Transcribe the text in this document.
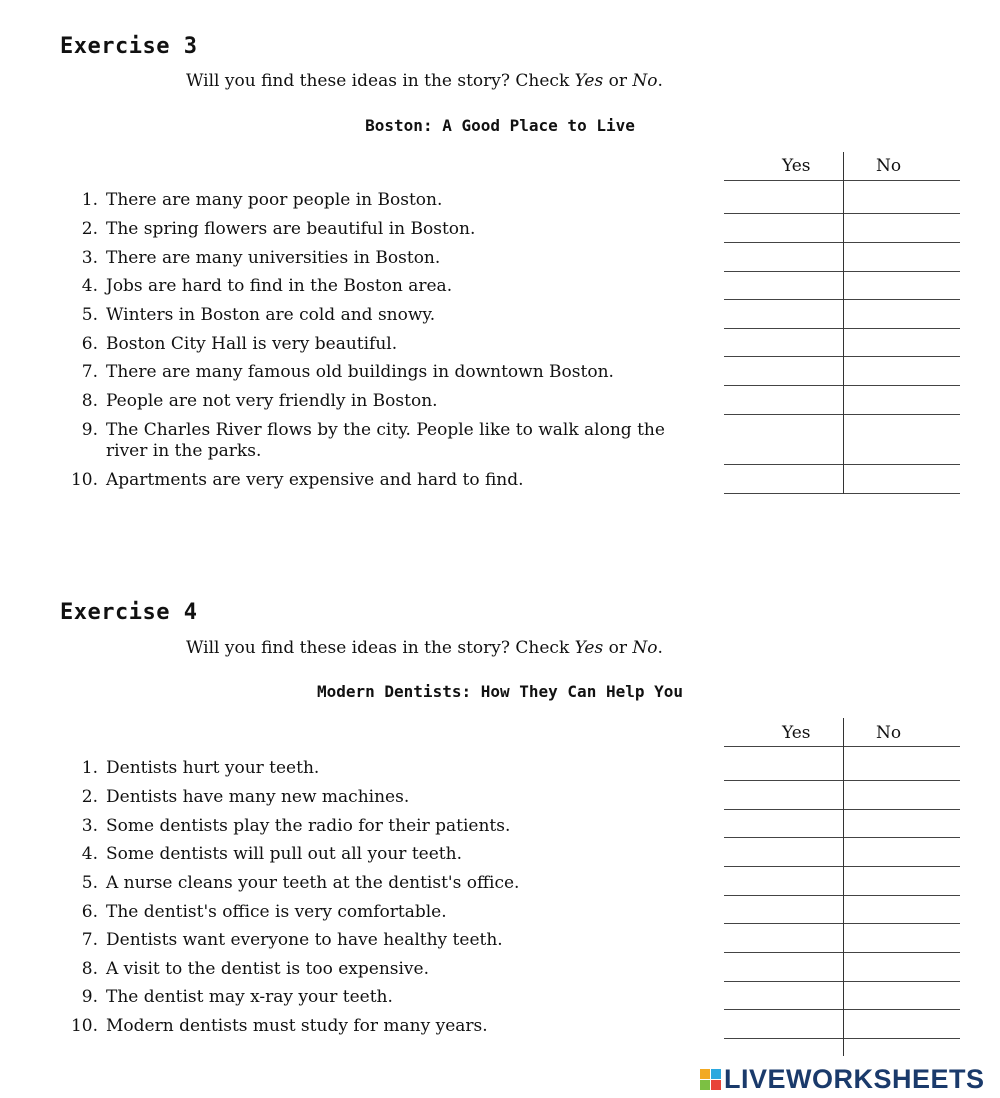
Exercise 3
Will you find these ideas in the story? Check Yes or No.
Boston: A Good Place to Live
Yes	No
1. There are many poor people in Boston.
2. The spring flowers are beautiful in Boston.
3. There are many universities in Boston.
4. Jobs are hard to find in the Boston area.
5. Winters in Boston are cold and snowy.
6. Boston City Hall is very beautiful.
7. There are many famous old buildings in downtown Boston.
8. People are not very friendly in Boston.
9. The Charles River flows by the city. People like to walk along the river in the parks.
10. Apartments are very expensive and hard to find.
Exercise 4
Will you find these ideas in the story? Check Yes or No.
Modern Dentists: How They Can Help You
Yes	No
1. Dentists hurt your teeth.
2. Dentists have many new machines.
3. Some dentists play the radio for their patients.
4. Some dentists will pull out all your teeth.
5. A nurse cleans your teeth at the dentist's office.
6. The dentist's office is very comfortable.
7. Dentists want everyone to have healthy teeth.
8. A visit to the dentist is too expensive.
9. The dentist may x-ray your teeth.
10. Modern dentists must study for many years.
LIVEWORKSHEETS
